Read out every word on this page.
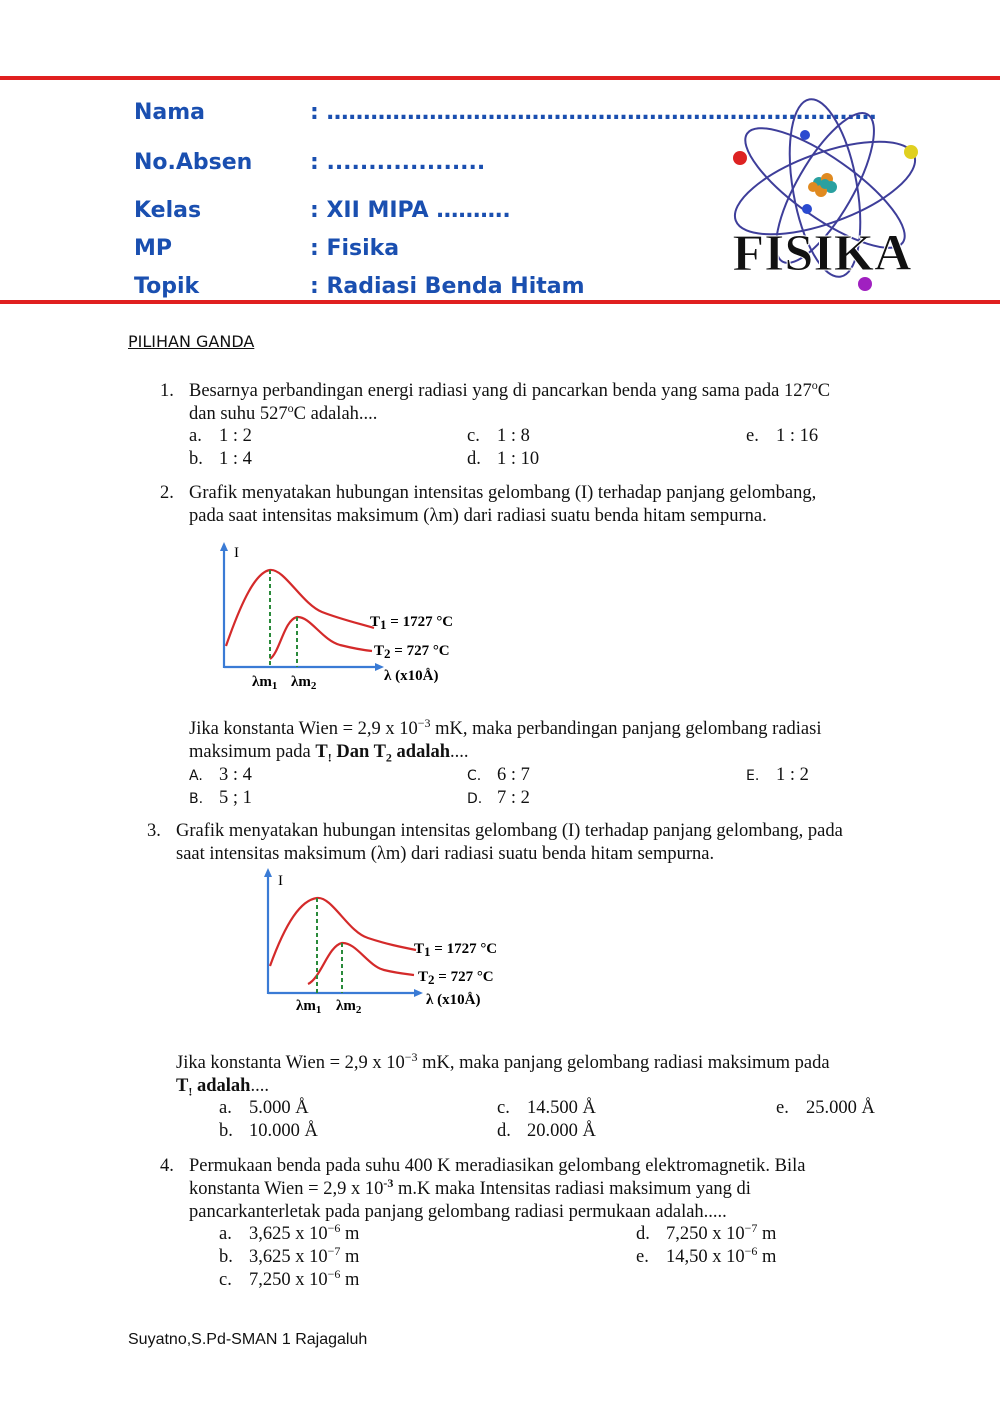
Nama	: …………………………………………………………………
No.Absen	: ...................
Kelas	: XII MIPA ……….
MP	: Fisika
Topik	: Radiasi Benda Hitam
FISIKA
PILIHAN GANDA
1. Besarnya perbandingan energi radiasi yang di pancarkan benda yang sama pada 127$^o$C
dan suhu 527$^o$C adalah....
a. 1 : 2
b. 1 : 4
c. 1 : 8
d. 1 : 10
e. 1 : 16
2. Grafik menyatakan hubungan intensitas gelombang (I) terhadap panjang gelombang,
pada saat intensitas maksimum (λm) dari radiasi suatu benda hitam sempurna.
I
$\lambda m_1$ $\lambda m_2$
λ (x10Å)
T1 = 1727 °C
T2 = 727 °C
Jika konstanta Wien = 2,9 x $10^{-3}$ mK, maka perbandingan panjang gelombang radiasi
maksimum pada $T_!$ Dan $T_2$ adalah....
A. 3 : 4
B. 5 ; 1
C. 6 : 7
D. 7 : 2
E. 1 : 2
3. Grafik menyatakan hubungan intensitas gelombang (I) terhadap panjang gelombang, pada
saat intensitas maksimum (λm) dari radiasi suatu benda hitam sempurna.
I
$\lambda m_1$ $\lambda m_2$
λ (x10Å)
T1 = 1727 °C
T2 = 727 °C
Jika konstanta Wien = 2,9 x $10^{-3}$ mK, maka panjang gelombang radiasi maksimum pada
$T_!$ adalah....
a. 5.000 Å
b. 10.000 Å
c. 14.500 Å
d. 20.000 Å
e. 25.000 Å
4. Permukaan benda pada suhu 400 K meradiasikan gelombang elektromagnetik. Bila
konstanta Wien = 2,9 x $10^{-3}$ m.K maka Intensitas radiasi maksimum yang di
pancarkanterletak pada panjang gelombang radiasi permukaan adalah.....
a. 3,625 x $10^{-6}$ m
b. 3,625 x $10^{-7}$ m
c. 7,250 x $10^{-6}$ m
d. 7,250 x $10^{-7}$ m
e. 14,50 x $10^{-6}$ m
Suyatno,S.Pd-SMAN 1 Rajagaluh
